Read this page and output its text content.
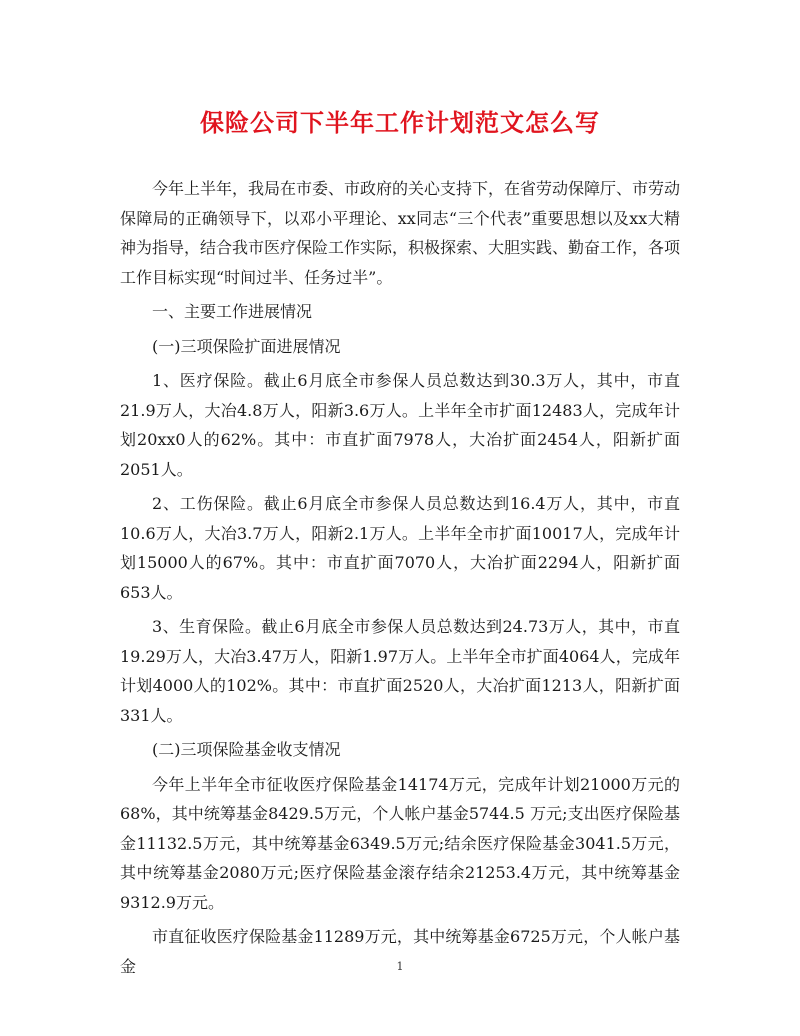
保险公司下半年工作计划范文怎么写

今年上半年，我局在市委、市政府的关心支持下，在省劳动保障厅、市劳动保障局的正确领导下，以邓小平理论、xx同志“三个代表”重要思想以及xx大精神为指导，结合我市医疗保险工作实际，积极探索、大胆实践、勤奋工作，各项工作目标实现“时间过半、任务过半”。

一、主要工作进展情况

(一)三项保险扩面进展情况

1、医疗保险。截止6月底全市参保人员总数达到30.3万人，其中，市直21.9万人，大冶4.8万人，阳新3.6万人。上半年全市扩面12483人，完成年计划20xx0人的62%。其中：市直扩面7978人，大冶扩面2454人，阳新扩面2051人。

2、工伤保险。截止6月底全市参保人员总数达到16.4万人，其中，市直10.6万人，大冶3.7万人，阳新2.1万人。上半年全市扩面10017人，完成年计划15000人的67%。其中：市直扩面7070人，大冶扩面2294人，阳新扩面653人。

3、生育保险。截止6月底全市参保人员总数达到24.73万人，其中，市直19.29万人，大冶3.47万人，阳新1.97万人。上半年全市扩面4064人，完成年计划4000人的102%。其中：市直扩面2520人，大冶扩面1213人，阳新扩面331人。

(二)三项保险基金收支情况

今年上半年全市征收医疗保险基金14174万元，完成年计划21000万元的68%，其中统筹基金8429.5万元，个人帐户基金5744.5 万元;支出医疗保险基金11132.5万元，其中统筹基金6349.5万元;结余医疗保险基金3041.5万元，其中统筹基金2080万元;医疗保险基金滚存结余21253.4万元，其中统筹基金9312.9万元。

市直征收医疗保险基金11289万元，其中统筹基金6725万元，个人帐户基金	1
